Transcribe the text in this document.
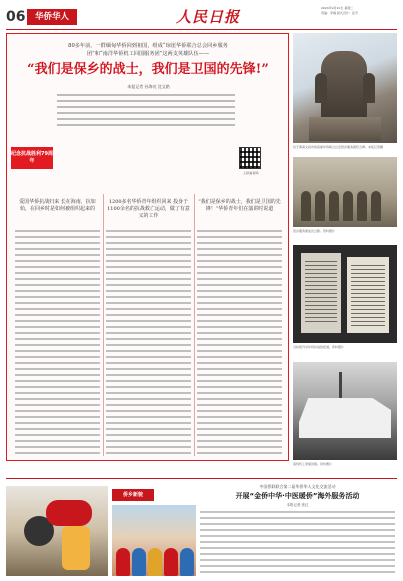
06	华侨华人	人民日报	2024年9月10日 星期二
责编：李刚 版式设计：张芳
80多年前，一群缅甸华侨回到祖国，组成“琼崖华侨联合总会回乡服务
团”和“南洋华侨机工回国服务团”这两支英雄队伍——
“我们是保乡的战士，我们是卫国的先锋!”
本报记者 孙海亮 沈文皓
纪念抗战胜利79周年
扫码看视频
爱国华侨抗战归来 长在海南，抗如始，在回乡时是如何被组织起来的
1200多名华侨青年组织回来 投身于1100余名的抗战救亡运动，做了有意义的工作
“我们是保乡的战士，我们是卫国的先锋！”华侨青年们在演讲时说道
位于海南文昌市的琼崖华侨联合总会回乡服务团纪念碑。本报记者摄
回乡服务团成员合影。资料图片
当时报刊对华侨抗战的报道。资料图片
南侨机工乘船回国。资料图片
侨乡新貌
中国侨联联合第二届华侨华人文化交流活动
开展“金侨中华·中医暖侨”海外服务活动
本报记者 张红
